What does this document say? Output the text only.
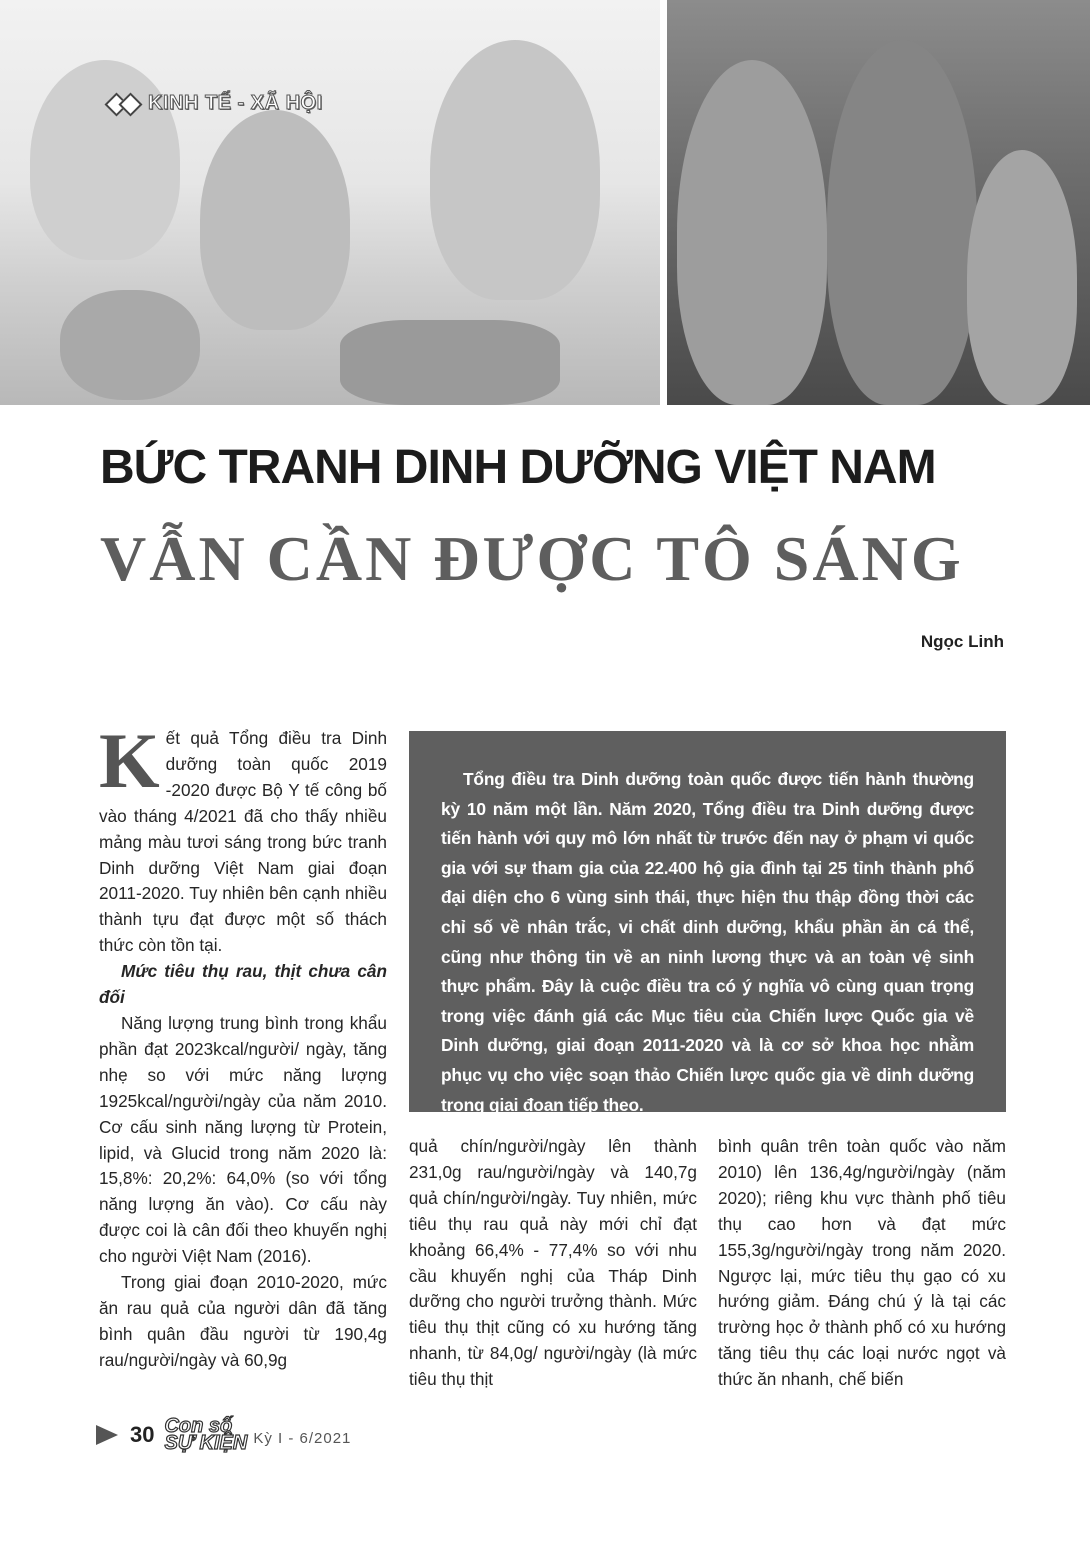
KINH TẾ - XÃ HỘI
BỨC TRANH DINH DƯỠNG VIỆT NAM
VẪN CẦN ĐƯỢC TÔ SÁNG
Ngọc Linh

Kết quả Tổng điều tra Dinh dưỡng toàn quốc 2019 -2020 được Bộ Y tế công bố vào tháng 4/2021 đã cho thấy nhiều mảng màu tươi sáng trong bức tranh Dinh dưỡng Việt Nam giai đoạn 2011-2020. Tuy nhiên bên cạnh nhiều thành tựu đạt được một số thách thức còn tồn tại.

Mức tiêu thụ rau, thịt chưa cân đối

Năng lượng trung bình trong khẩu phần đạt 2023kcal/người/ ngày, tăng nhẹ so với mức năng lượng 1925kcal/người/ngày của năm 2010. Cơ cấu sinh năng lượng từ Protein, lipid, và Glucid trong năm 2020 là: 15,8%: 20,2%: 64,0% (so với tổng năng lượng ăn vào). Cơ cấu này được coi là cân đối theo khuyến nghị cho người Việt Nam (2016).

Trong giai đoạn 2010-2020, mức ăn rau quả của người dân đã tăng bình quân đầu người từ 190,4g rau/người/ngày và 60,9g

Tổng điều tra Dinh dưỡng toàn quốc được tiến hành thường kỳ 10 năm một lần. Năm 2020, Tổng điều tra Dinh dưỡng được tiến hành với quy mô lớn nhất từ trước đến nay ở phạm vi quốc gia với sự tham gia của 22.400 hộ gia đình tại 25 tỉnh thành phố đại diện cho 6 vùng sinh thái, thực hiện thu thập đồng thời các chỉ số về nhân trắc, vi chất dinh dưỡng, khẩu phần ăn cá thể, cũng như thông tin về an ninh lương thực và an toàn vệ sinh thực phẩm. Đây là cuộc điều tra có ý nghĩa vô cùng quan trọng trong việc đánh giá các Mục tiêu của Chiến lược Quốc gia về Dinh dưỡng, giai đoạn 2011-2020 và là cơ sở khoa học nhằm phục vụ cho việc soạn thảo Chiến lược quốc gia về dinh dưỡng trong giai đoạn tiếp theo.

quả chín/người/ngày lên thành 231,0g rau/người/ngày và 140,7g quả chín/người/ngày. Tuy nhiên, mức tiêu thụ rau quả này mới chỉ đạt khoảng 66,4% - 77,4% so với nhu cầu khuyến nghị của Tháp Dinh dưỡng cho người trưởng thành. Mức tiêu thụ thịt cũng có xu hướng tăng nhanh, từ 84,0g/ người/ngày (là mức tiêu thụ thịt

bình quân trên toàn quốc vào năm 2010) lên 136,4g/người/ngày (năm 2020); riêng khu vực thành phố tiêu thụ cao hơn và đạt mức 155,3g/người/ngày trong năm 2020. Ngược lại, mức tiêu thụ gạo có xu hướng giảm. Đáng chú ý là tại các trường học ở thành phố có xu hướng tăng tiêu thụ các loại nước ngọt và thức ăn nhanh, chế biến

30 Con số
SỰ KIỆN Kỳ I - 6/2021
